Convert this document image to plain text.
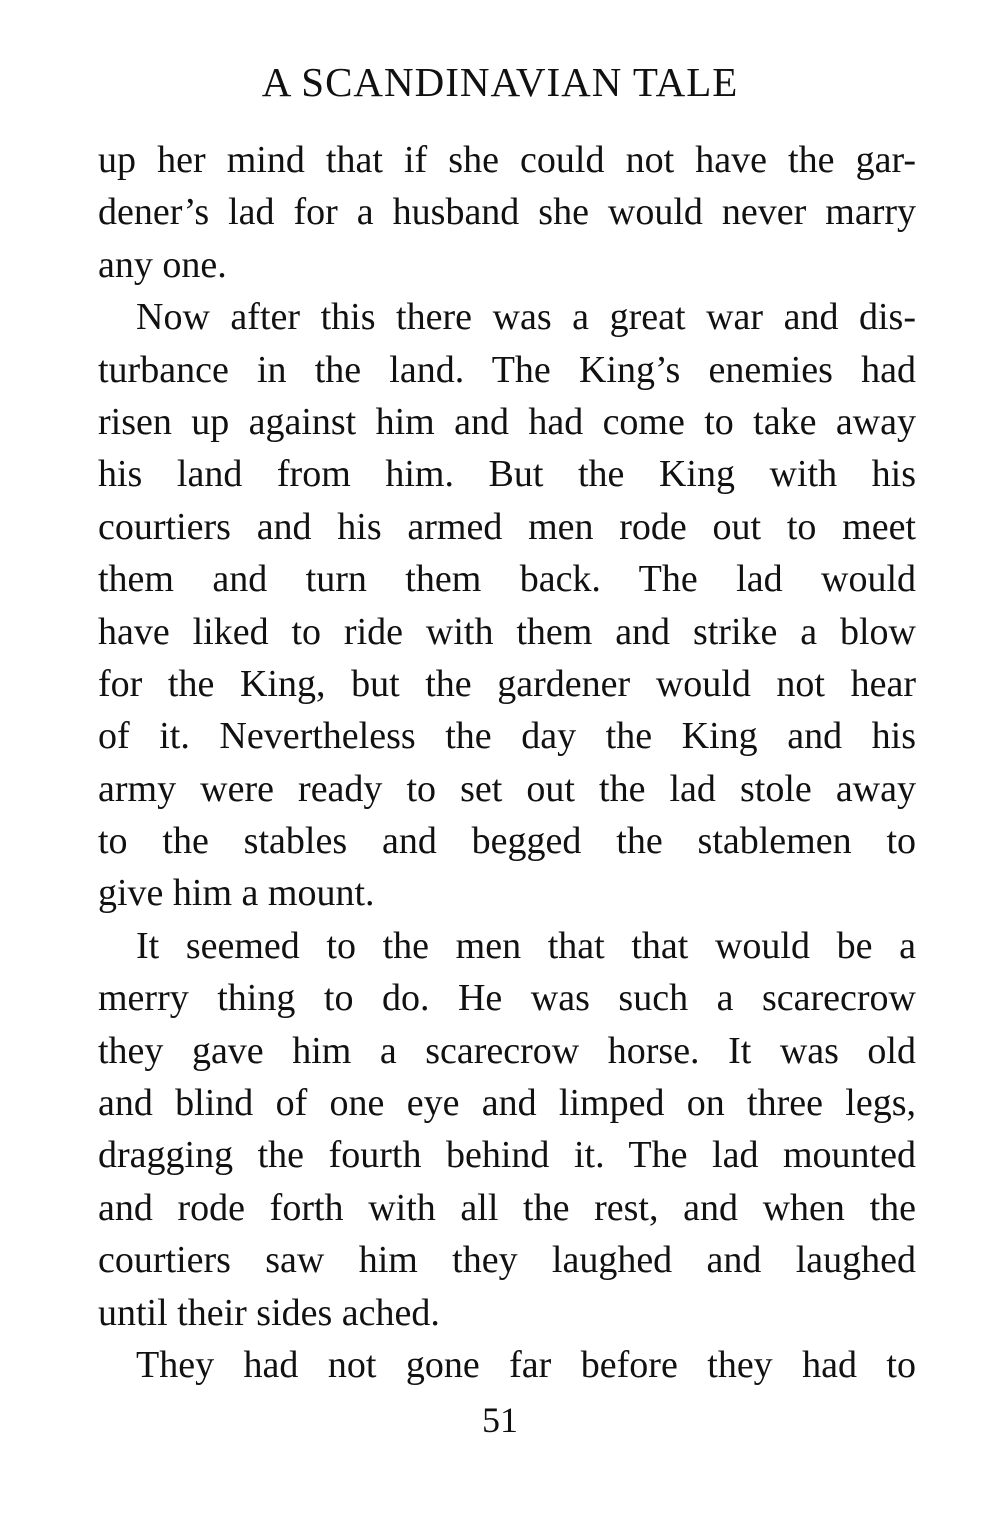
A SCANDINAVIAN TALE
up her mind that if she could not have the gar-
dener’s lad for a husband she would never marry
any one.
Now after this there was a great war and dis-
turbance in the land. The King’s enemies had
risen up against him and had come to take away
his land from him. But the King with his
courtiers and his armed men rode out to meet
them and turn them back. The lad would
have liked to ride with them and strike a blow
for the King, but the gardener would not hear
of it. Nevertheless the day the King and his
army were ready to set out the lad stole away
to the stables and begged the stablemen to
give him a mount.
It seemed to the men that that would be a
merry thing to do. He was such a scarecrow
they gave him a scarecrow horse. It was old
and blind of one eye and limped on three legs,
dragging the fourth behind it. The lad mounted
and rode forth with all the rest, and when the
courtiers saw him they laughed and laughed
until their sides ached.
They had not gone far before they had to
51
